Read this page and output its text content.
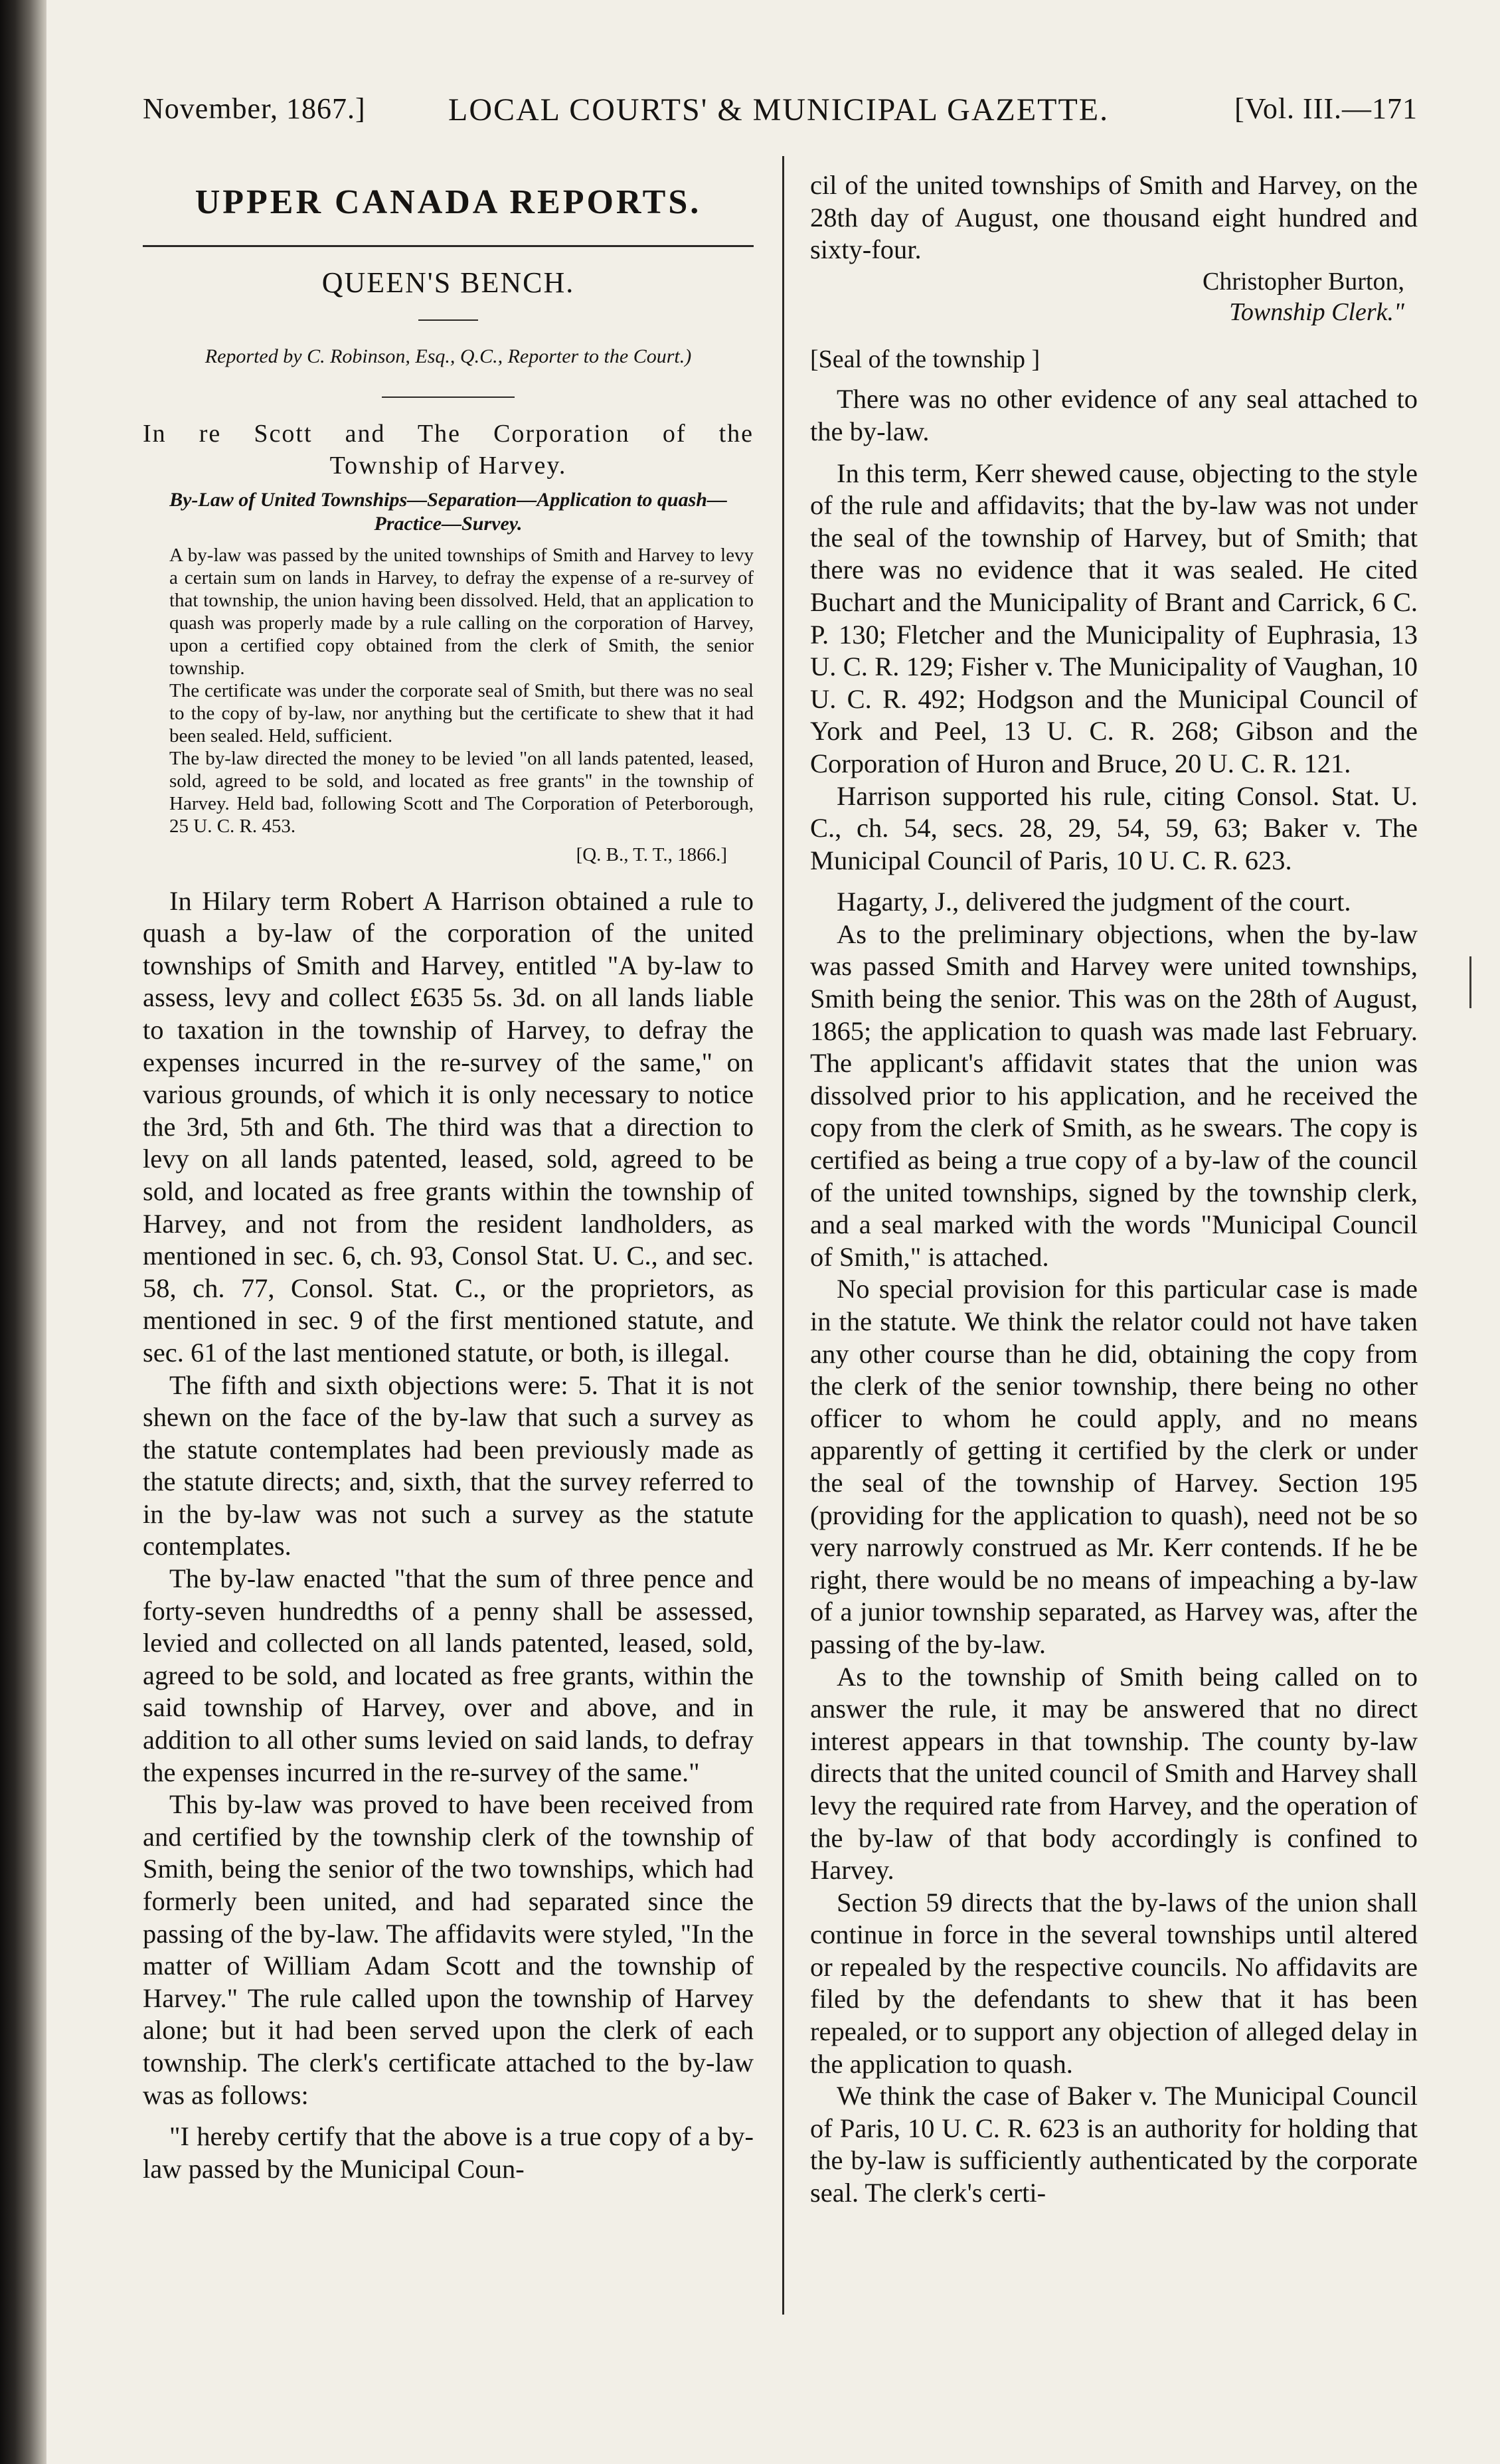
November, 1867.]	LOCAL COURTS' & MUNICIPAL GAZETTE.	[Vol. III.—171
UPPER CANADA REPORTS.
QUEEN'S BENCH.
Reported by C. Robinson, Esq., Q.C., Reporter to the Court.)
In re Scott and The Corporation of the
Township of Harvey.
By-Law of United Townships—Separation—Application to quash—Practice—Survey.

A by-law was passed by the united townships of Smith and Harvey to levy a certain sum on lands in Harvey, to defray the expense of a re-survey of that township, the union having been dissolved. Held, that an application to quash was properly made by a rule calling on the corporation of Harvey, upon a certified copy obtained from the clerk of Smith, the senior township.

The certificate was under the corporate seal of Smith, but there was no seal to the copy of by-law, nor anything but the certificate to shew that it had been sealed. Held, sufficient.

The by-law directed the money to be levied "on all lands patented, leased, sold, agreed to be sold, and located as free grants" in the township of Harvey. Held bad, following Scott and The Corporation of Peterborough, 25 U. C. R. 453.

[Q. B., T. T., 1866.]

In Hilary term Robert A Harrison obtained a rule to quash a by-law of the corporation of the united townships of Smith and Harvey, entitled "A by-law to assess, levy and collect £635 5s. 3d. on all lands liable to taxation in the township of Harvey, to defray the expenses incurred in the re-survey of the same," on various grounds, of which it is only necessary to notice the 3rd, 5th and 6th. The third was that a direction to levy on all lands patented, leased, sold, agreed to be sold, and located as free grants within the township of Harvey, and not from the resident landholders, as mentioned in sec. 6, ch. 93, Consol Stat. U. C., and sec. 58, ch. 77, Consol. Stat. C., or the proprietors, as mentioned in sec. 9 of the first mentioned statute, and sec. 61 of the last mentioned statute, or both, is illegal.

The fifth and sixth objections were: 5. That it is not shewn on the face of the by-law that such a survey as the statute contemplates had been previously made as the statute directs; and, sixth, that the survey referred to in the by-law was not such a survey as the statute contemplates.

The by-law enacted "that the sum of three pence and forty-seven hundredths of a penny shall be assessed, levied and collected on all lands patented, leased, sold, agreed to be sold, and located as free grants, within the said township of Harvey, over and above, and in addition to all other sums levied on said lands, to defray the expenses incurred in the re-survey of the same."

This by-law was proved to have been received from and certified by the township clerk of the township of Smith, being the senior of the two townships, which had formerly been united, and had separated since the passing of the by-law. The affidavits were styled, "In the matter of William Adam Scott and the township of Harvey." The rule called upon the township of Harvey alone; but it had been served upon the clerk of each township. The clerk's certificate attached to the by-law was as follows:

"I hereby certify that the above is a true copy of a by-law passed by the Municipal Coun-

cil of the united townships of Smith and Harvey, on the 28th day of August, one thousand eight hundred and sixty-four.

Christopher Burton,
Township Clerk."
[Seal of the township ]

There was no other evidence of any seal attached to the by-law.

In this term, Kerr shewed cause, objecting to the style of the rule and affidavits; that the by-law was not under the seal of the township of Harvey, but of Smith; that there was no evidence that it was sealed. He cited Buchart and the Municipality of Brant and Carrick, 6 C. P. 130; Fletcher and the Municipality of Euphrasia, 13 U. C. R. 129; Fisher v. The Municipality of Vaughan, 10 U. C. R. 492; Hodgson and the Municipal Council of York and Peel, 13 U. C. R. 268; Gibson and the Corporation of Huron and Bruce, 20 U. C. R. 121.

Harrison supported his rule, citing Consol. Stat. U. C., ch. 54, secs. 28, 29, 54, 59, 63; Baker v. The Municipal Council of Paris, 10 U. C. R. 623.

Hagarty, J., delivered the judgment of the court.

As to the preliminary objections, when the by-law was passed Smith and Harvey were united townships, Smith being the senior. This was on the 28th of August, 1865; the application to quash was made last February. The applicant's affidavit states that the union was dissolved prior to his application, and he received the copy from the clerk of Smith, as he swears. The copy is certified as being a true copy of a by-law of the council of the united townships, signed by the township clerk, and a seal marked with the words "Municipal Council of Smith," is attached.

No special provision for this particular case is made in the statute. We think the relator could not have taken any other course than he did, obtaining the copy from the clerk of the senior township, there being no other officer to whom he could apply, and no means apparently of getting it certified by the clerk or under the seal of the township of Harvey. Section 195 (providing for the application to quash), need not be so very narrowly construed as Mr. Kerr contends. If he be right, there would be no means of impeaching a by-law of a junior township separated, as Harvey was, after the passing of the by-law.

As to the township of Smith being called on to answer the rule, it may be answered that no direct interest appears in that township. The county by-law directs that the united council of Smith and Harvey shall levy the required rate from Harvey, and the operation of the by-law of that body accordingly is confined to Harvey.

Section 59 directs that the by-laws of the union shall continue in force in the several townships until altered or repealed by the respective councils. No affidavits are filed by the defendants to shew that it has been repealed, or to support any objection of alleged delay in the application to quash.

We think the case of Baker v. The Municipal Council of Paris, 10 U. C. R. 623 is an authority for holding that the by-law is sufficiently authenticated by the corporate seal. The clerk's certi-
